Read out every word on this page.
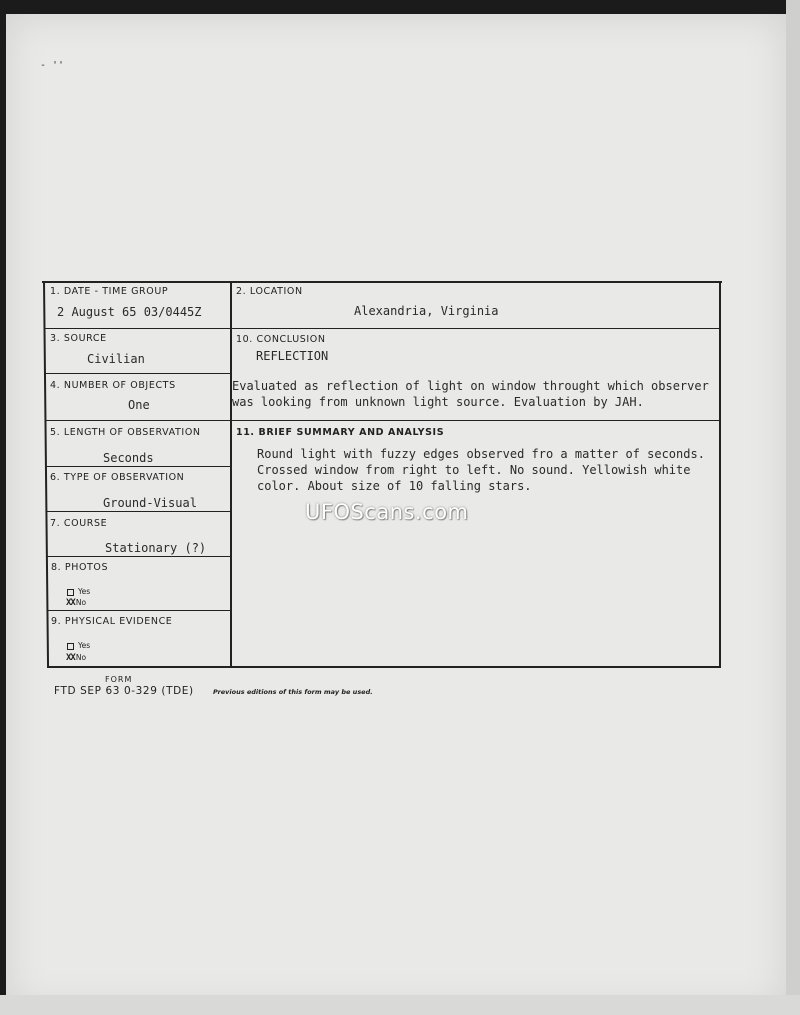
- ''
1. DATE - TIME GROUP
2 August 65 03/0445Z
2. LOCATION
Alexandria, Virginia
3. SOURCE
Civilian
10. CONCLUSION
REFLECTION
4. NUMBER OF OBJECTS
One
Evaluated as reflection of light on window throught which observer
was looking from unknown light source. Evaluation by JAH.
5. LENGTH OF OBSERVATION
Seconds
11. BRIEF SUMMARY AND ANALYSIS
Round light with fuzzy edges observed fro a matter of seconds.
Crossed window from right to left. No sound. Yellowish white
color. About size of 10 falling stars.
6. TYPE OF OBSERVATION
Ground-Visual
7. COURSE
Stationary (?)
8. PHOTOS
Yes
XXNo
9. PHYSICAL EVIDENCE
Yes
XXNo
FORM
FTD SEP 63 0-329 (TDE)	Previous editions of this form may be used.
UFOScans.com
